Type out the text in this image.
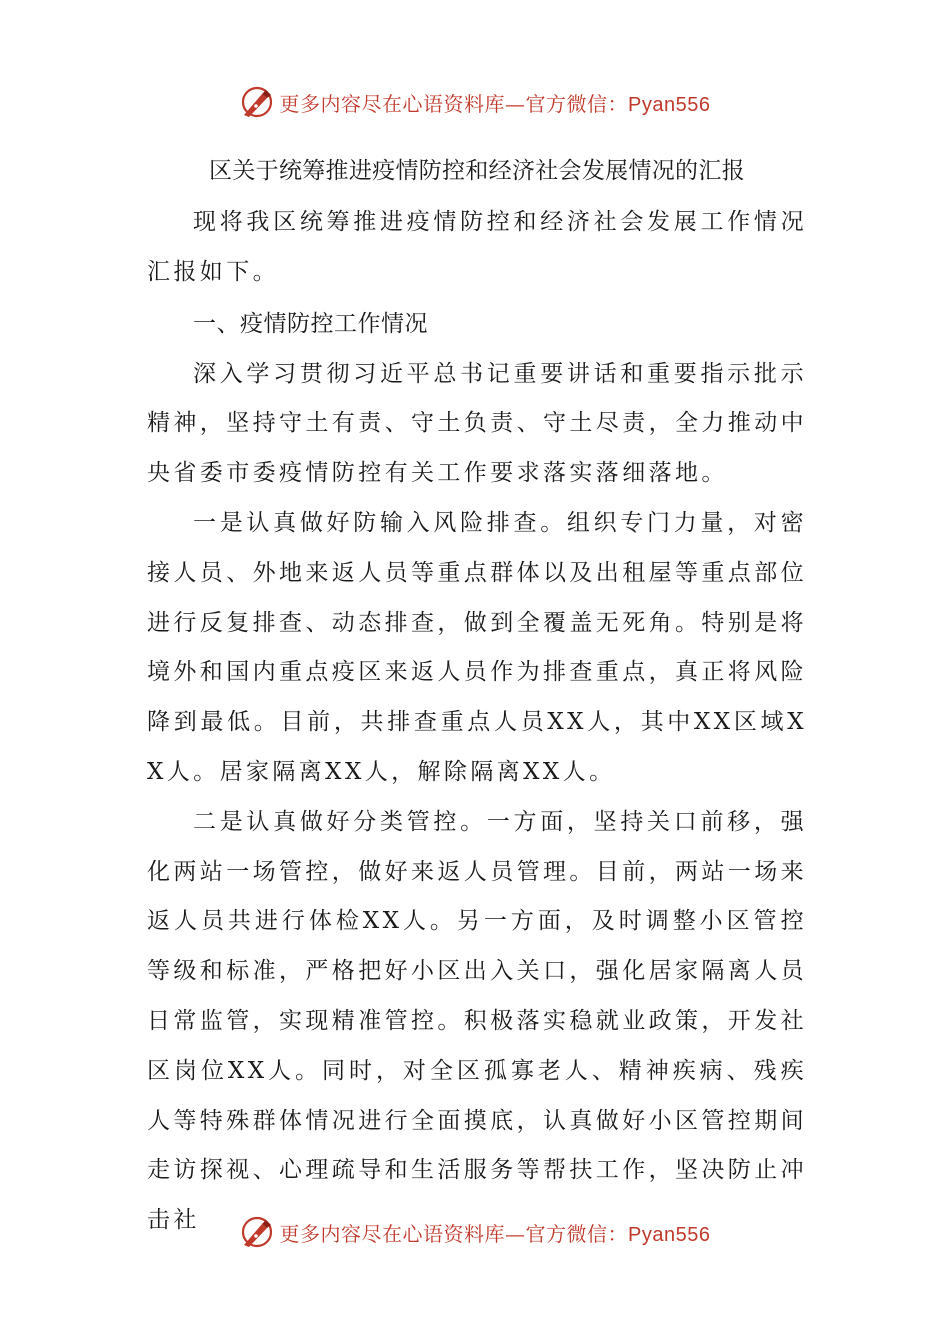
更多内容尽在心语资料库—官方微信：Pyan556
区关于统筹推进疫情防控和经济社会发展情况的汇报

现将我区统筹推进疫情防控和经济社会发展工作情况汇报如下。

一、疫情防控工作情况

深入学习贯彻习近平总书记重要讲话和重要指示批示精神，坚持守土有责、守土负责、守土尽责，全力推动中央省委市委疫情防控有关工作要求落实落细落地。

一是认真做好防输入风险排查。组织专门力量，对密接人员、外地来返人员等重点群体以及出租屋等重点部位进行反复排查、动态排查，做到全覆盖无死角。特别是将境外和国内重点疫区来返人员作为排查重点，真正将风险降到最低。目前，共排查重点人员XX人，其中XX区域XX人。居家隔离XX人，解除隔离XX人。

二是认真做好分类管控。一方面，坚持关口前移，强化两站一场管控，做好来返人员管理。目前，两站一场来返人员共进行体检XX人。另一方面，及时调整小区管控等级和标准，严格把好小区出入关口，强化居家隔离人员日常监管，实现精准管控。积极落实稳就业政策，开发社区岗位XX人。同时，对全区孤寡老人、精神疾病、残疾人等特殊群体情况进行全面摸底，认真做好小区管控期间走访探视、心理疏导和生活服务等帮扶工作，坚决防止冲击社

更多内容尽在心语资料库—官方微信：Pyan556
